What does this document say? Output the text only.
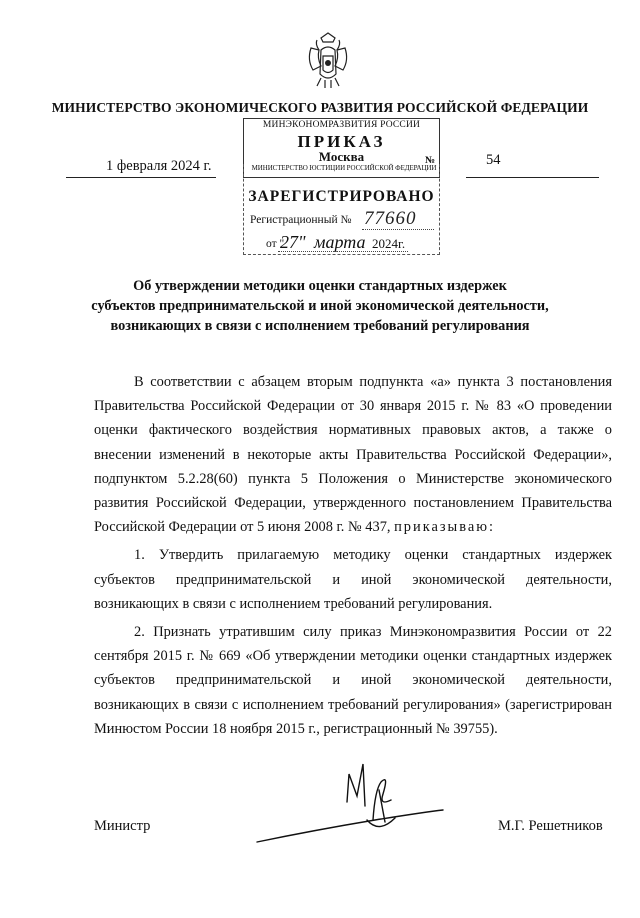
МИНИСТЕРСТВО ЭКОНОМИЧЕСКОГО РАЗВИТИЯ РОССИЙСКОЙ ФЕДЕРАЦИИ
1 февраля 2024 г.	54
МИНЭКОНОМРАЗВИТИЯ РОССИИ
ПРИКАЗ
Москва	№
МИНИСТЕРСТВО ЮСТИЦИИ РОССИЙСКОЙ ФЕДЕРАЦИИ
ЗАРЕГИСТРИРОВАНО
Регистрационный № 77660
от "
27" марта 2024г.
Об утверждении методики оценки стандартных издержек
субъектов предпринимательской и иной экономической деятельности,
возникающих в связи с исполнением требований регулирования

В соответствии с абзацем вторым подпункта «а» пункта 3 постановления Правительства Российской Федерации от 30 января 2015 г. № 83 «О проведении оценки фактического воздействия нормативных правовых актов, а также о внесении изменений в некоторые акты Правительства Российской Федерации», подпунктом 5.2.28(60) пункта 5 Положения о Министерстве экономического развития Российской Федерации, утвержденного постановлением Правительства Российской Федерации от 5 июня 2008 г. № 437, приказываю:

1. Утвердить прилагаемую методику оценки стандартных издержек субъектов предпринимательской и иной экономической деятельности, возникающих в связи с исполнением требований регулирования.

2. Признать утратившим силу приказ Минэкономразвития России от 22 сентября 2015 г. № 669 «Об утверждении методики оценки стандартных издержек субъектов предпринимательской и иной экономической деятельности, возникающих в связи с исполнением требований регулирования» (зарегистрирован Минюстом России 18 ноября 2015 г., регистрационный № 39755).

Министр	М.Г. Решетников
